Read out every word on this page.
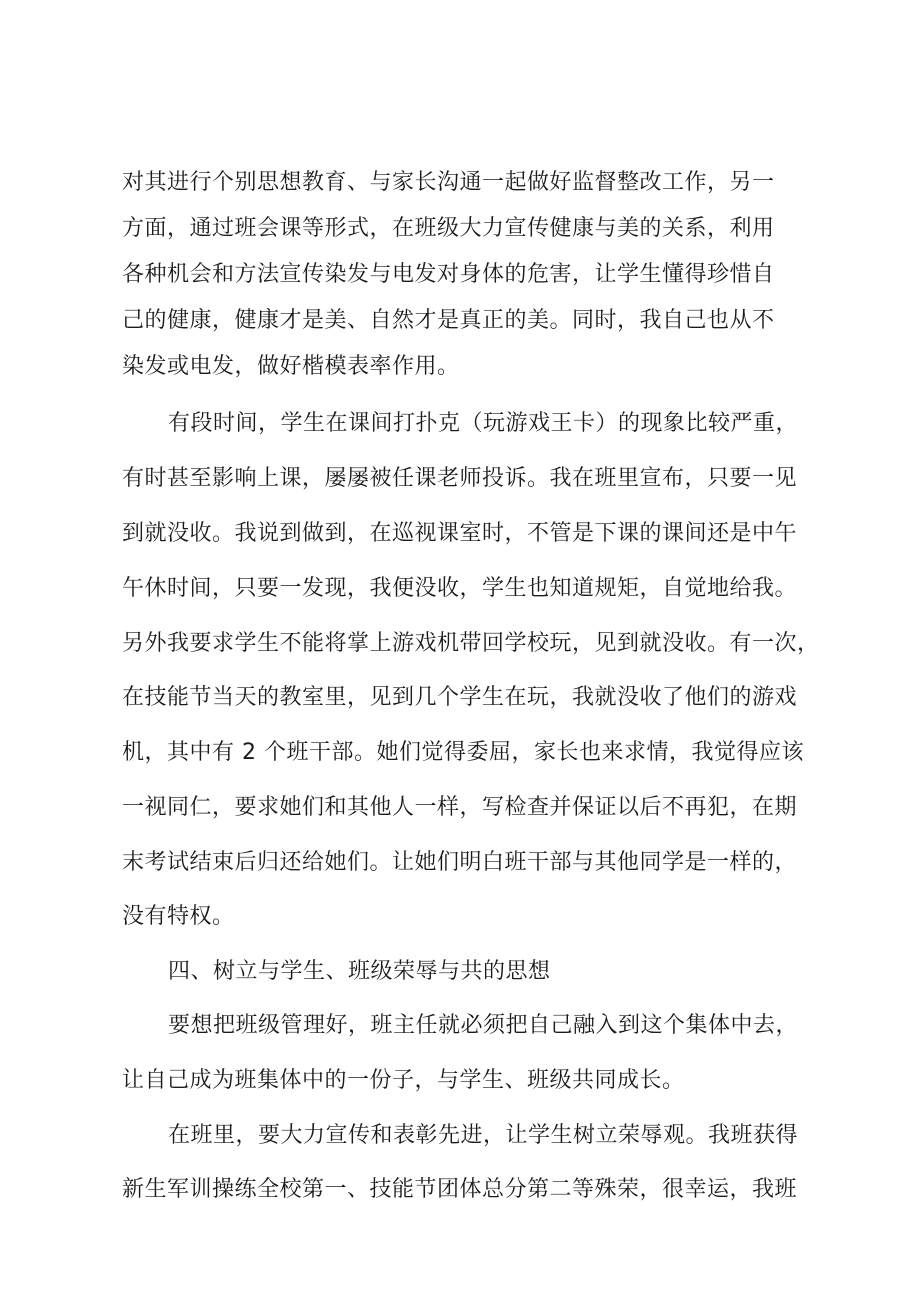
对其进行个别思想教育、与家长沟通一起做好监督整改工作，另一
方面，通过班会课等形式，在班级大力宣传健康与美的关系，利用
各种机会和方法宣传染发与电发对身体的危害，让学生懂得珍惜自
己的健康，健康才是美、自然才是真正的美。同时，我自己也从不
染发或电发，做好楷模表率作用。
有段时间，学生在课间打扑克（玩游戏王卡）的现象比较严重，
有时甚至影响上课，屡屡被任课老师投诉。我在班里宣布，只要一见
到就没收。我说到做到，在巡视课室时，不管是下课的课间还是中午
午休时间，只要一发现，我便没收，学生也知道规矩，自觉地给我。
另外我要求学生不能将掌上游戏机带回学校玩，见到就没收。有一次，
在技能节当天的教室里，见到几个学生在玩，我就没收了他们的游戏
机，其中有 2 个班干部。她们觉得委屈，家长也来求情，我觉得应该
一视同仁，要求她们和其他人一样，写检查并保证以后不再犯，在期
末考试结束后归还给她们。让她们明白班干部与其他同学是一样的，
没有特权。
四、树立与学生、班级荣辱与共的思想
要想把班级管理好，班主任就必须把自己融入到这个集体中去，
让自己成为班集体中的一份子，与学生、班级共同成长。
在班里，要大力宣传和表彰先进，让学生树立荣辱观。我班获得
新生军训操练全校第一、技能节团体总分第二等殊荣，很幸运，我班
